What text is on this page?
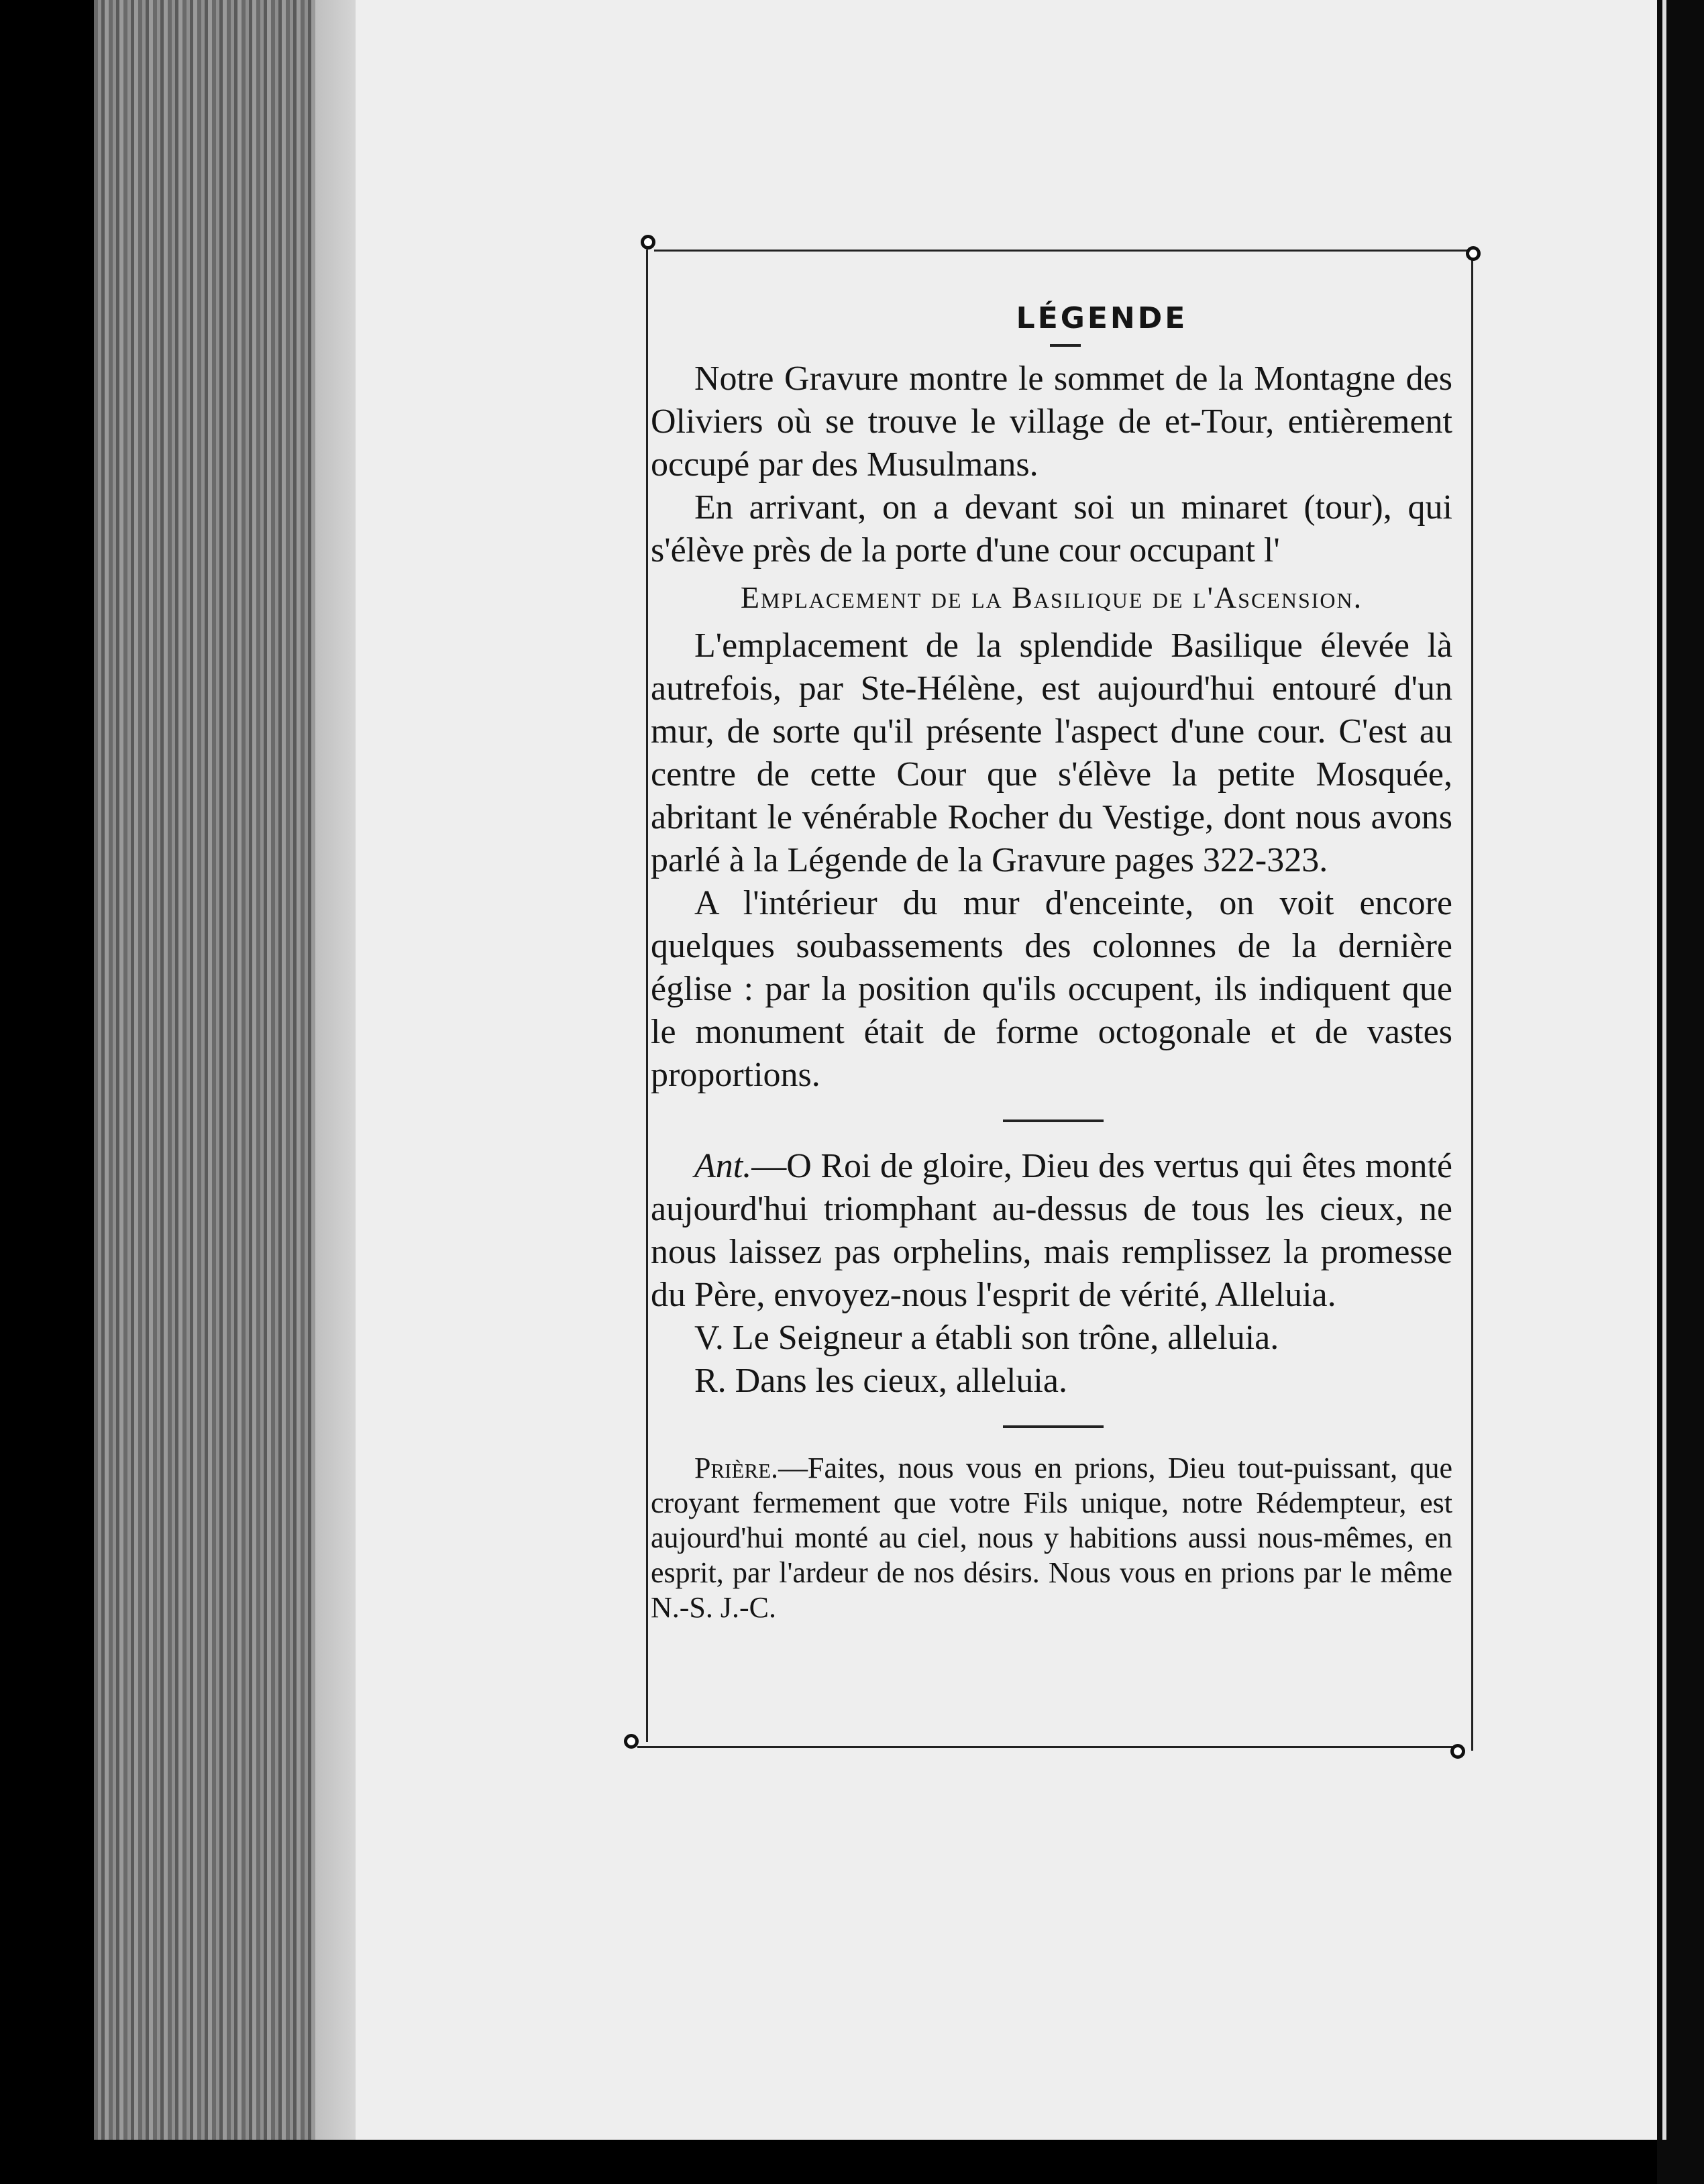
LÉGENDE

Notre Gravure montre le sommet de la Montagne des Oliviers où se trouve le village de et-Tour, entièrement occupé par des Musulmans.

En arrivant, on a devant soi un minaret (tour), qui s'élève près de la porte d'une cour occupant l'

Emplacement de la Basilique de l'Ascension.

L'emplacement de la splendide Basilique élevée là autrefois, par Ste-Hélène, est aujourd'hui entouré d'un mur, de sorte qu'il présente l'aspect d'une cour. C'est au centre de cette Cour que s'élève la petite Mosquée, abritant le vénérable Rocher du Vestige, dont nous avons parlé à la Légende de la Gravure pages 322-323.

A l'intérieur du mur d'enceinte, on voit encore quelques soubassements des colonnes de la dernière église : par la position qu'ils occupent, ils indiquent que le monument était de forme octogonale et de vastes proportions.

Ant.—O Roi de gloire, Dieu des vertus qui êtes monté aujourd'hui triomphant au-dessus de tous les cieux, ne nous laissez pas orphelins, mais remplissez la promesse du Père, envoyez-nous l'esprit de vérité, Alleluia.

V. Le Seigneur a établi son trône, alleluia.

R. Dans les cieux, alleluia.

Prière.—Faites, nous vous en prions, Dieu tout-puissant, que croyant fermement que votre Fils unique, notre Rédempteur, est aujourd'hui monté au ciel, nous y habitions aussi nous-mêmes, en esprit, par l'ardeur de nos désirs. Nous vous en prions par le même N.-S. J.-C.
